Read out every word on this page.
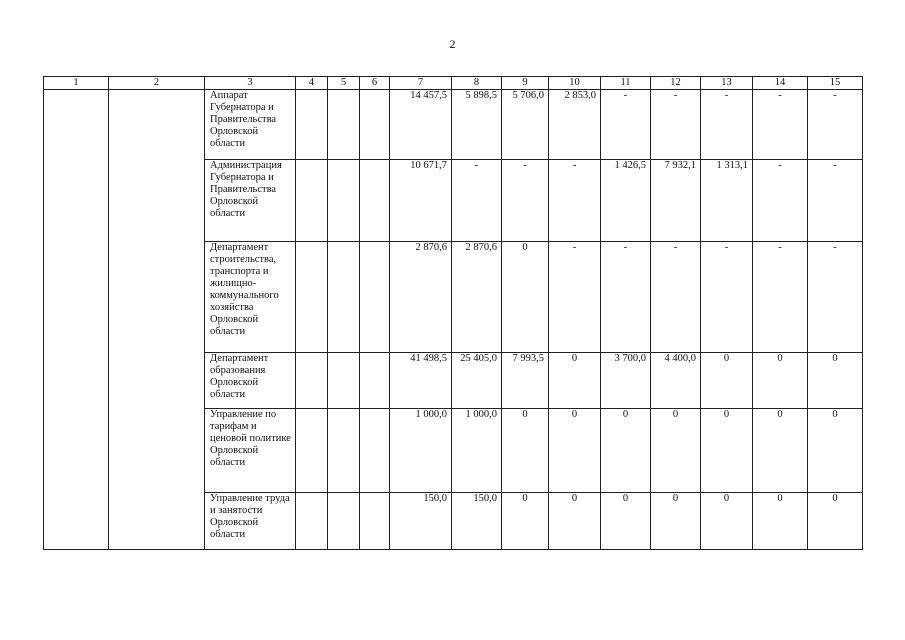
2
1	2	3	4	5	6	7	8	9	10	11	12	13	14	15
		Аппарат Губернатора и Правительства Орловской области				14 457,5	5 898,5	5 706,0	2 853,0	-	-	-	-	-
		Администрация Губернатора и Правительства Орловской области				10 671,7	-	-	-	1 426,5	7 932,1	1 313,1	-	-
		Департамент строительства, транспорта и жилищно-коммунального хозяйства Орловской области				2 870,6	2 870,6	0	-	-	-	-	-	-
		Департамент образования Орловской области				41 498,5	25 405,0	7 993,5	0	3 700,0	4 400,0	0	0	0
		Управление по тарифам и ценовой политике Орловской области				1 000,0	1 000,0	0	0	0	0	0	0	0
		Управление труда и занятости Орловской области				150,0	150,0	0	0	0	0	0	0	0
